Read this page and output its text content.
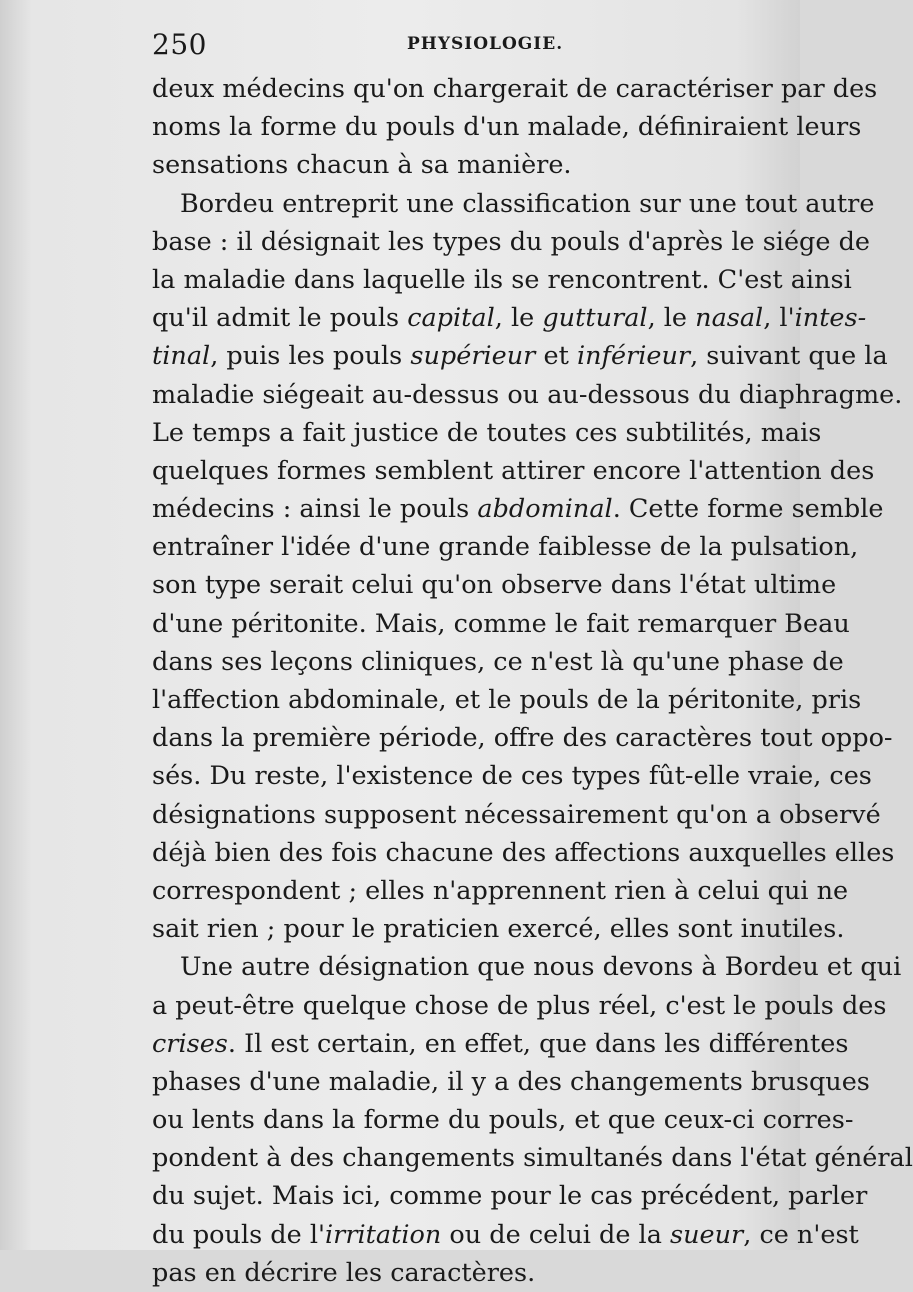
250	PHYSIOLOGIE.
deux médecins qu'on chargerait de caractériser par des
noms la forme du pouls d'un malade, définiraient leurs
sensations chacun à sa manière.
Bordeu entreprit une classification sur une tout autre
base : il désignait les types du pouls d'après le siége de
la maladie dans laquelle ils se rencontrent. C'est ainsi
qu'il admit le pouls capital, le guttural, le nasal, l'intes-
tinal, puis les pouls supérieur et inférieur, suivant que la
maladie siégeait au-dessus ou au-dessous du diaphragme.
Le temps a fait justice de toutes ces subtilités, mais
quelques formes semblent attirer encore l'attention des
médecins : ainsi le pouls abdominal. Cette forme semble
entraîner l'idée d'une grande faiblesse de la pulsation,
son type serait celui qu'on observe dans l'état ultime
d'une péritonite. Mais, comme le fait remarquer Beau
dans ses leçons cliniques, ce n'est là qu'une phase de
l'affection abdominale, et le pouls de la péritonite, pris
dans la première période, offre des caractères tout oppo-
sés. Du reste, l'existence de ces types fût-elle vraie, ces
désignations supposent nécessairement qu'on a observé
déjà bien des fois chacune des affections auxquelles elles
correspondent ; elles n'apprennent rien à celui qui ne
sait rien ; pour le praticien exercé, elles sont inutiles.
Une autre désignation que nous devons à Bordeu et qui
a peut-être quelque chose de plus réel, c'est le pouls des
crises. Il est certain, en effet, que dans les différentes
phases d'une maladie, il y a des changements brusques
ou lents dans la forme du pouls, et que ceux-ci corres-
pondent à des changements simultanés dans l'état général
du sujet. Mais ici, comme pour le cas précédent, parler
du pouls de l'irritation ou de celui de la sueur, ce n'est
pas en décrire les caractères.
